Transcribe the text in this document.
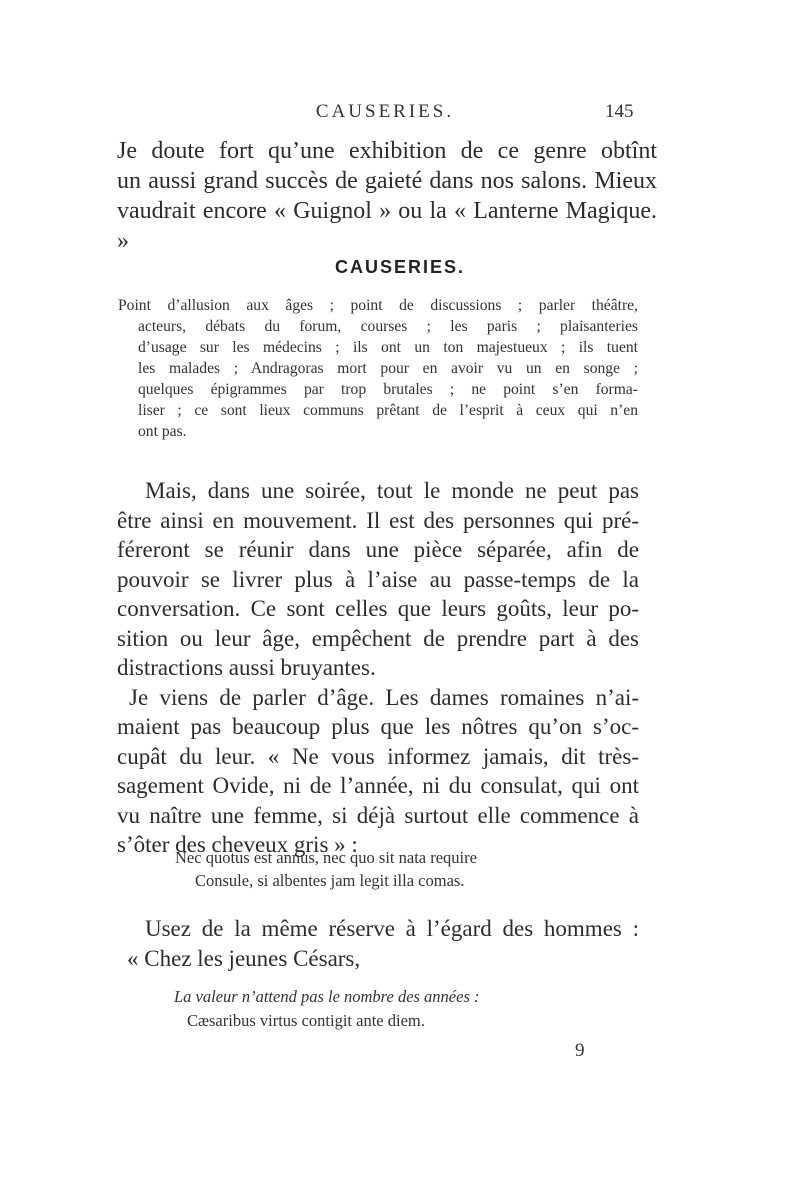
CAUSERIES.	145
Je doute fort qu’une exhibition de ce genre obtînt
un aussi grand succès de gaieté dans nos salons. Mieux
vaudrait encore « Guignol » ou la « Lanterne Magique. »
CAUSERIES.
Point d’allusion aux âges ; point de discussions ; parler théâtre,
acteurs, débats du forum, courses ; les paris ; plaisanteries
d’usage sur les médecins ; ils ont un ton majestueux ; ils tuent
les malades ; Andragoras mort pour en avoir vu un en songe ;
quelques épigrammes par trop brutales ; ne point s’en forma-
liser ; ce sont lieux communs prêtant de l’esprit à ceux qui n’en
ont pas.
Mais, dans une soirée, tout le monde ne peut pas
être ainsi en mouvement. Il est des personnes qui pré-
féreront se réunir dans une pièce séparée, afin de
pouvoir se livrer plus à l’aise au passe-temps de la
conversation. Ce sont celles que leurs goûts, leur po-
sition ou leur âge, empêchent de prendre part à des
distractions aussi bruyantes.
Je viens de parler d’âge. Les dames romaines n’ai-
maient pas beaucoup plus que les nôtres qu’on s’oc-
cupât du leur. « Ne vous informez jamais, dit très-
sagement Ovide, ni de l’année, ni du consulat, qui ont
vu naître une femme, si déjà surtout elle commence à
s’ôter des cheveux gris » :
Nec quotus est annus, nec quo sit nata require
Consule, si albentes jam legit illa comas.
Usez de la même réserve à l’égard des hommes :
« Chez les jeunes Césars,
La valeur n’attend pas le nombre des années :
Cæsaribus virtus contigit ante diem.
9
